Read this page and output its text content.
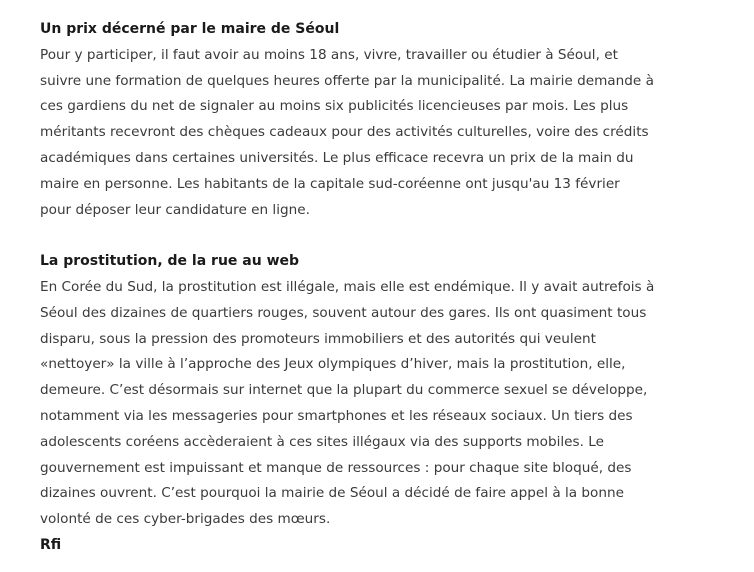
Un prix décerné par le maire de Séoul

Pour y participer, il faut avoir au moins 18 ans, vivre, travailler ou étudier à Séoul, et
suivre une formation de quelques heures offerte par la municipalité. La mairie demande à
ces gardiens du net de signaler au moins six publicités licencieuses par mois. Les plus
méritants recevront des chèques cadeaux pour des activités culturelles, voire des crédits
académiques dans certaines universités. Le plus efficace recevra un prix de la main du
maire en personne. Les habitants de la capitale sud-coréenne ont jusqu'au 13 février
pour déposer leur candidature en ligne.

La prostitution, de la rue au web

En Corée du Sud, la prostitution est illégale, mais elle est endémique. Il y avait autrefois à
Séoul des dizaines de quartiers rouges, souvent autour des gares. Ils ont quasiment tous
disparu, sous la pression des promoteurs immobiliers et des autorités qui veulent
«nettoyer» la ville à l’approche des Jeux olympiques d’hiver, mais la prostitution, elle,
demeure. C’est désormais sur internet que la plupart du commerce sexuel se développe,
notamment via les messageries pour smartphones et les réseaux sociaux. Un tiers des
adolescents coréens accèderaient à ces sites illégaux via des supports mobiles. Le
gouvernement est impuissant et manque de ressources : pour chaque site bloqué, des
dizaines ouvrent. C’est pourquoi la mairie de Séoul a décidé de faire appel à la bonne
volonté de ces cyber-brigades des mœurs.

Rfi
